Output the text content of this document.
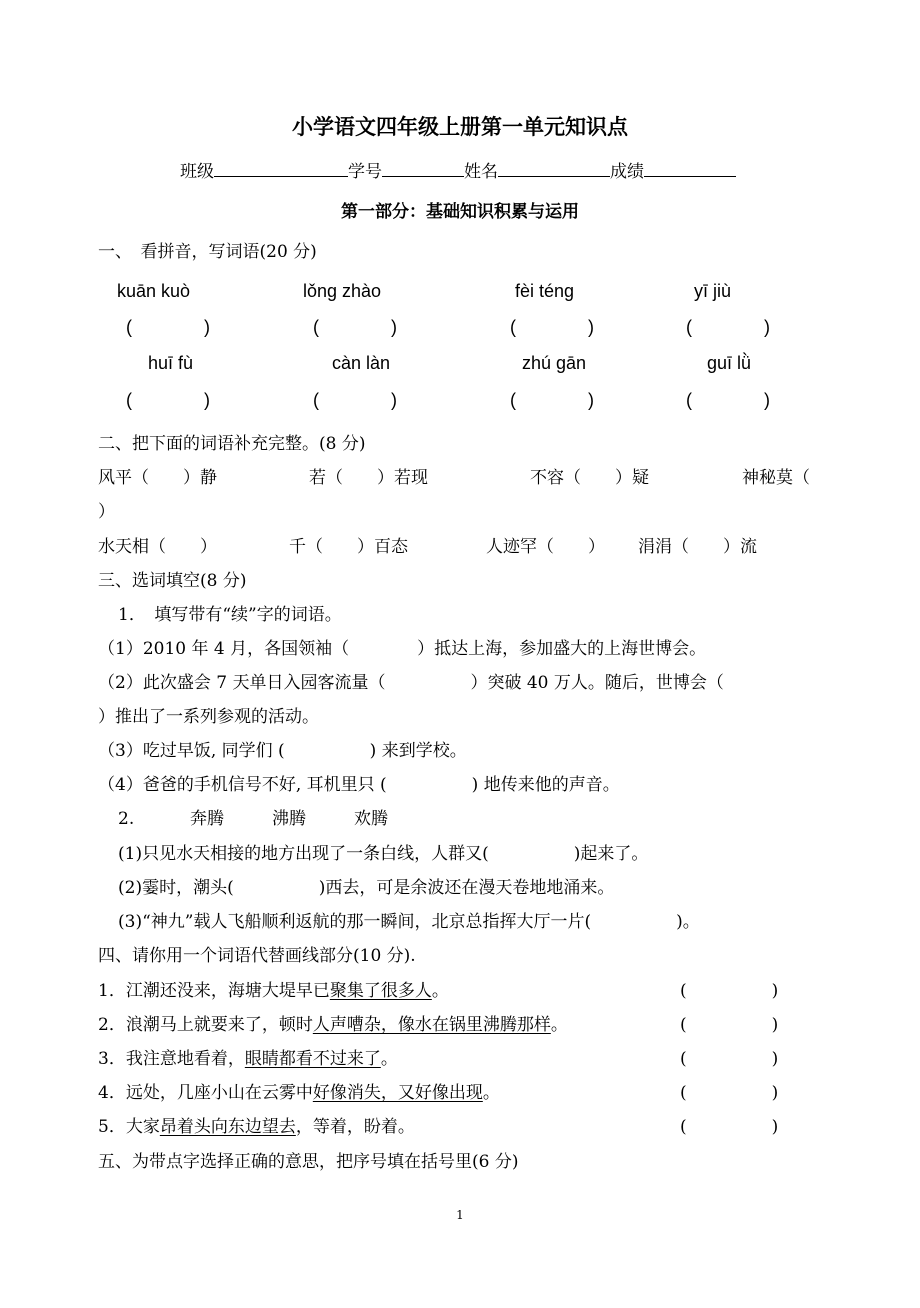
小学语文四年级上册第一单元知识点
班级	学号	姓名	成绩
第一部分：基础知识积累与运用
一、　看拼音，写词语(20 分)
kuān kuò	lǒng zhào	fèi téng	yī jiù
(　　　　)	(　　　　)	(　　　　)	(　　　　)
huī fù	càn làn	zhú gān	guī lǜ
(　　　　)	(　　　　)	(　　　　)	(　　　　)
二、把下面的词语补充完整。(8 分)
风平（　　）静	若（　　）若现	不容（　　）疑	神秘莫（
）
水天相（　　）	千（　　）百态	人迹罕（　　） 涓涓（　　）流
三、选词填空(8 分)
1．　填写带有“续”字的词语。
（1）2010 年 4 月，各国领袖（　　　　）抵达上海，参加盛大的上海世博会。
（2）此次盛会 7 天单日入园客流量（　　　　　）突破 40 万人。随后，世博会（
）推出了一系列参观的活动。
（3）吃过早饭, 同学们 (　　　　　) 来到学校。
（4）爸爸的手机信号不好, 耳机里只 (　　　　　) 地传来他的声音。
2.	奔腾	沸腾	欢腾
(1)只见水天相接的地方出现了一条白线，人群又(　　　　　)起来了。
(2)霎时，潮头(　　　　　)西去，可是余波还在漫天卷地地涌来。
(3)“神九”载人飞船顺利返航的那一瞬间，北京总指挥大厅一片(　　　　　)。
四、请你用一个词语代替画线部分(10 分).
1．江潮还没来，海塘大堤早已聚集了很多人。	(　　　　　)
2．浪潮马上就要来了，顿时人声嘈杂，像水在锅里沸腾那样。	(　　　　　)
3．我注意地看着，眼睛都看不过来了。	(　　　　　)
4．远处，几座小山在云雾中好像消失，又好像出现。	(　　　　　)
5．大家昂着头向东边望去，等着，盼着。	(　　　　　)
五、为带点字选择正确的意思，把序号填在括号里(6 分)
1
